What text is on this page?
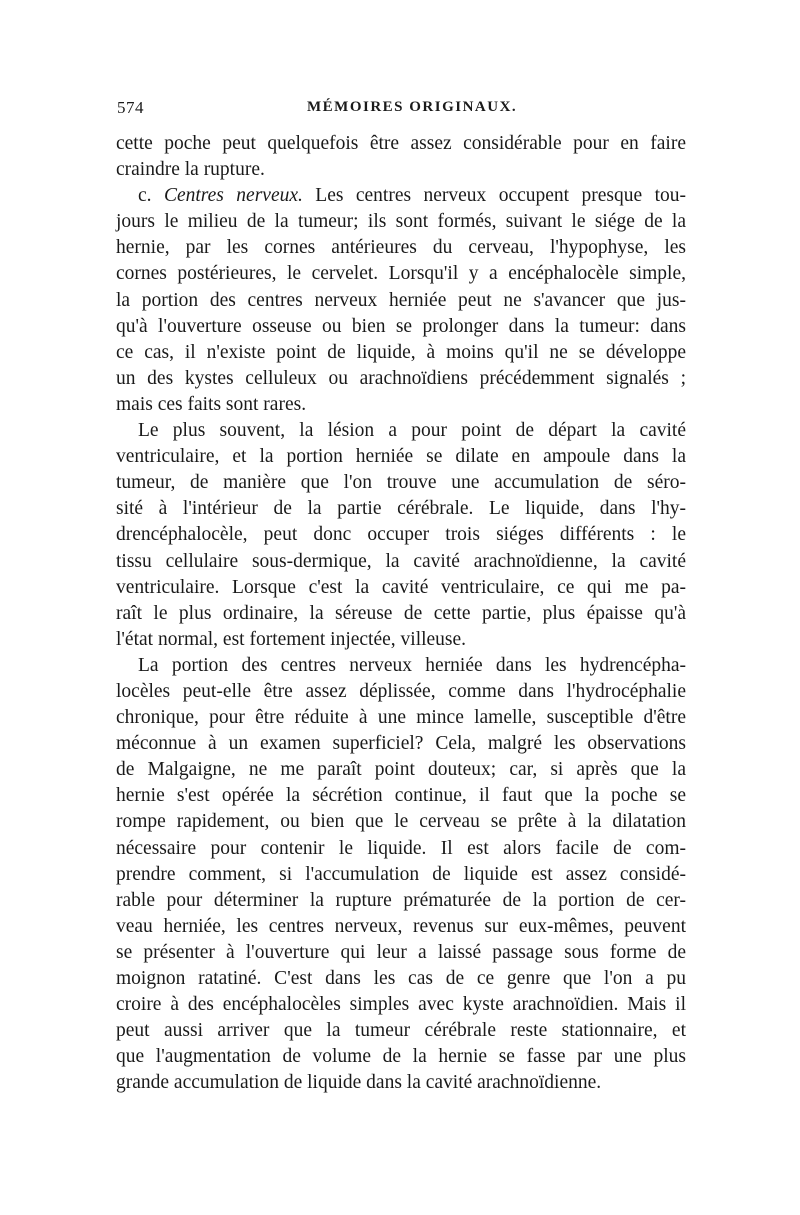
574	MÉMOIRES ORIGINAUX.
cette poche peut quelquefois être assez considérable pour en faire
craindre la rupture.
c. Centres nerveux. Les centres nerveux occupent presque tou-
jours le milieu de la tumeur; ils sont formés, suivant le siége de la
hernie, par les cornes antérieures du cerveau, l'hypophyse, les
cornes postérieures, le cervelet. Lorsqu'il y a encéphalocèle simple,
la portion des centres nerveux herniée peut ne s'avancer que jus-
qu'à l'ouverture osseuse ou bien se prolonger dans la tumeur: dans
ce cas, il n'existe point de liquide, à moins qu'il ne se développe
un des kystes celluleux ou arachnoïdiens précédemment signalés ;
mais ces faits sont rares.
Le plus souvent, la lésion a pour point de départ la cavité
ventriculaire, et la portion herniée se dilate en ampoule dans la
tumeur, de manière que l'on trouve une accumulation de séro-
sité à l'intérieur de la partie cérébrale. Le liquide, dans l'hy-
drencéphalocèle, peut donc occuper trois siéges différents : le
tissu cellulaire sous-dermique, la cavité arachnoïdienne, la cavité
ventriculaire. Lorsque c'est la cavité ventriculaire, ce qui me pa-
raît le plus ordinaire, la séreuse de cette partie, plus épaisse qu'à
l'état normal, est fortement injectée, villeuse.
La portion des centres nerveux herniée dans les hydrencépha-
locèles peut-elle être assez déplissée, comme dans l'hydrocéphalie
chronique, pour être réduite à une mince lamelle, susceptible d'être
méconnue à un examen superficiel? Cela, malgré les observations
de Malgaigne, ne me paraît point douteux; car, si après que la
hernie s'est opérée la sécrétion continue, il faut que la poche se
rompe rapidement, ou bien que le cerveau se prête à la dilatation
nécessaire pour contenir le liquide. Il est alors facile de com-
prendre comment, si l'accumulation de liquide est assez considé-
rable pour déterminer la rupture prématurée de la portion de cer-
veau herniée, les centres nerveux, revenus sur eux-mêmes, peuvent
se présenter à l'ouverture qui leur a laissé passage sous forme de
moignon ratatiné. C'est dans les cas de ce genre que l'on a pu
croire à des encéphalocèles simples avec kyste arachnoïdien. Mais il
peut aussi arriver que la tumeur cérébrale reste stationnaire, et
que l'augmentation de volume de la hernie se fasse par une plus
grande accumulation de liquide dans la cavité arachnoïdienne.
